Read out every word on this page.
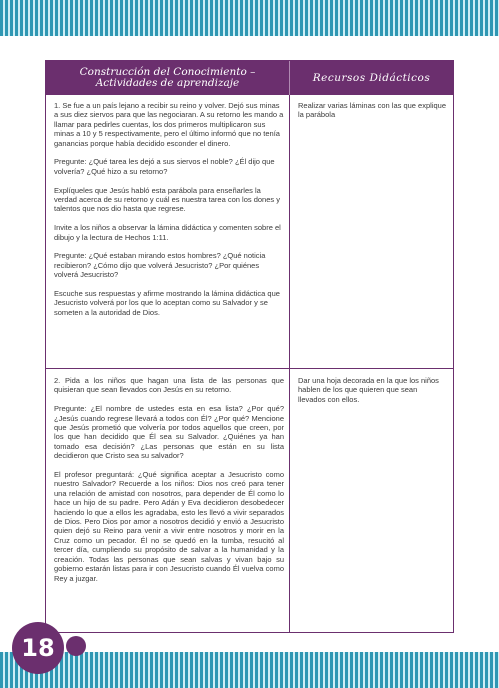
Construcción del Conocimiento – Actividades de aprendizaje	Recursos Didácticos

1. Se fue a un país lejano a recibir su reino y volver. Dejó sus minas a sus diez siervos para que las negociaran. A su retorno les mando a llamar para pedirles cuentas, los dos primeros multiplicaron sus minas a 10 y 5 respectivamente, pero el último informó que no tenía ganancias porque había decidido esconder el dinero.

Pregunte: ¿Qué tarea les dejó a sus siervos el noble? ¿Él dijo que volvería? ¿Qué hizo a su retorno?

Explíqueles que Jesús habló esta parábola para enseñarles la verdad acerca de su retorno y cuál es nuestra tarea con los dones y talentos que nos dio hasta que regrese.

Invite a los niños a observar la lámina didáctica y comenten sobre el dibujo y la lectura de Hechos 1:11.

Pregunte: ¿Qué estaban mirando estos hombres? ¿Qué noticia recibieron? ¿Cómo dijo que volverá Jesucristo? ¿Por quiénes volverá Jesucristo?

Escuche sus respuestas y afirme mostrando la lámina didáctica que Jesucristo volverá por los que lo aceptan como su Salvador y se someten a la autoridad de Dios.

Realizar varias láminas con las que explique la parábola

2. Pida a los niños que hagan una lista de las personas que quisieran que sean llevados con Jesús en su retorno.

Pregunte: ¿El nombre de ustedes esta en esa lista? ¿Por qué? ¿Jesús cuando regrese llevará a todos con Él? ¿Por qué? Mencione que Jesús prometió que volvería por todos aquellos que creen, por los que han decidido que Él sea su Salvador. ¿Quiénes ya han tomado esa decisión? ¿Las personas que están en su lista decidieron que Cristo sea su salvador?

El profesor preguntará: ¿Qué significa aceptar a Jesucristo como nuestro Salvador? Recuerde a los niños: Dios nos creó para tener una relación de amistad con nosotros, para depender de Él como lo hace un hijo de su padre. Pero Adán y Eva decidieron desobedecer haciendo lo que a ellos les agradaba, esto les llevó a vivir separados de Dios. Pero Dios por amor a nosotros decidió y envió a Jesucristo quien dejó su Reino para venir a vivir entre nosotros y morir en la Cruz como un pecador. Él no se quedó en la tumba, resucitó al tercer día, cumpliendo su propósito de salvar a la humanidad y la creación. Todas las personas que sean salvas y vivan bajo su gobierno estarán listas para ir con Jesucristo cuando Él vuelva como Rey a juzgar.

Dar una hoja decorada en la que los niños hablen de los que quieren que sean llevados con ellos.

18
